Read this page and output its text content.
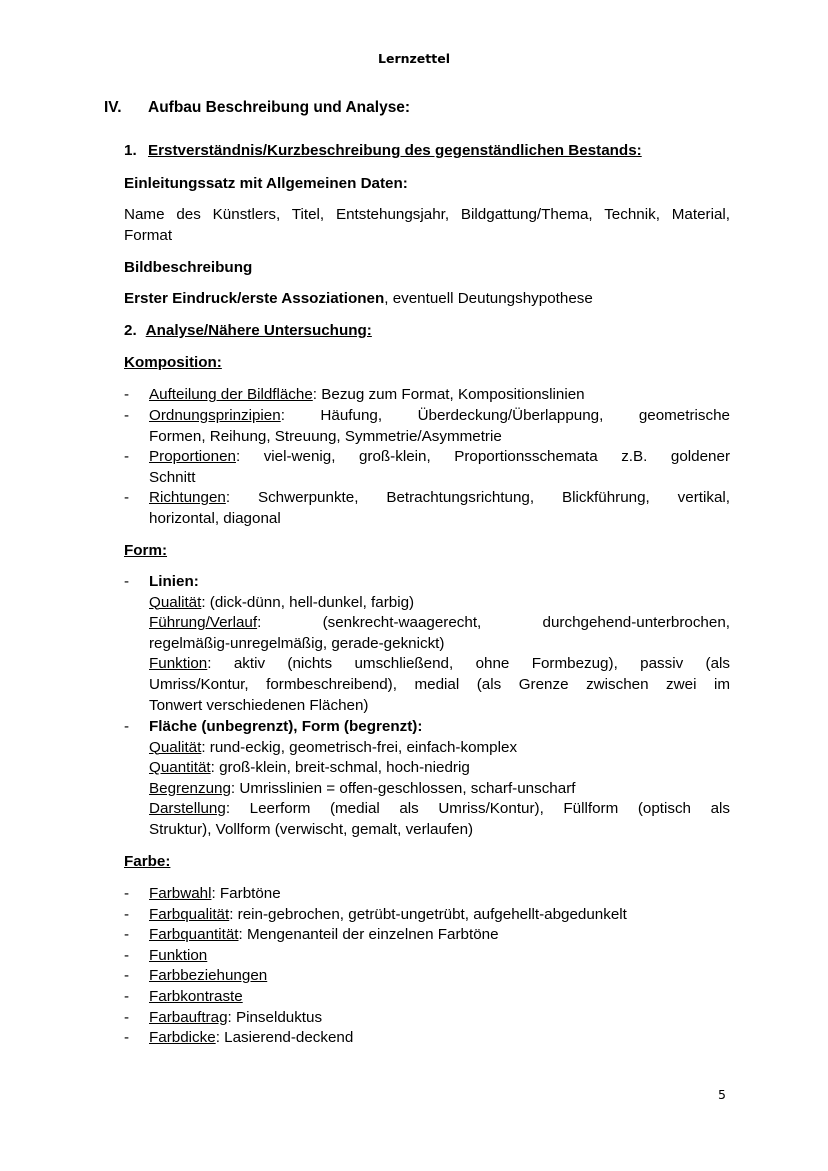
Lernzettel
IV. Aufbau Beschreibung und Analyse:
1. Erstverständnis/Kurzbeschreibung des gegenständlichen Bestands:
Einleitungssatz mit Allgemeinen Daten:
Name des Künstlers, Titel, Entstehungsjahr, Bildgattung/Thema, Technik, Material,
Format
Bildbeschreibung
Erster Eindruck/erste Assoziationen, eventuell Deutungshypothese
2. Analyse/Nähere Untersuchung:
Komposition:
- Aufteilung der Bildfläche: Bezug zum Format, Kompositionslinien
- Ordnungsprinzipien: Häufung, Überdeckung/Überlappung, geometrische
Formen, Reihung, Streuung, Symmetrie/Asymmetrie
- Proportionen: viel-wenig, groß-klein, Proportionsschemata z.B. goldener
Schnitt
- Richtungen: Schwerpunkte, Betrachtungsrichtung, Blickführung, vertikal,
horizontal, diagonal
Form:
- Linien:
Qualität: (dick-dünn, hell-dunkel, farbig)
Führung/Verlauf: (senkrecht-waagerecht, durchgehend-unterbrochen,
regelmäßig-unregelmäßig, gerade-geknickt)
Funktion: aktiv (nichts umschließend, ohne Formbezug), passiv (als
Umriss/Kontur, formbeschreibend), medial (als Grenze zwischen zwei im
Tonwert verschiedenen Flächen)
- Fläche (unbegrenzt), Form (begrenzt):
Qualität: rund-eckig, geometrisch-frei, einfach-komplex
Quantität: groß-klein, breit-schmal, hoch-niedrig
Begrenzung: Umrisslinien = offen-geschlossen, scharf-unscharf
Darstellung: Leerform (medial als Umriss/Kontur), Füllform (optisch als
Struktur), Vollform (verwischt, gemalt, verlaufen)
Farbe:
- Farbwahl: Farbtöne
- Farbqualität: rein-gebrochen, getrübt-ungetrübt, aufgehellt-abgedunkelt
- Farbquantität: Mengenanteil der einzelnen Farbtöne
- Funktion
- Farbbeziehungen
- Farbkontraste
- Farbauftrag: Pinselduktus
- Farbdicke: Lasierend-deckend
5
